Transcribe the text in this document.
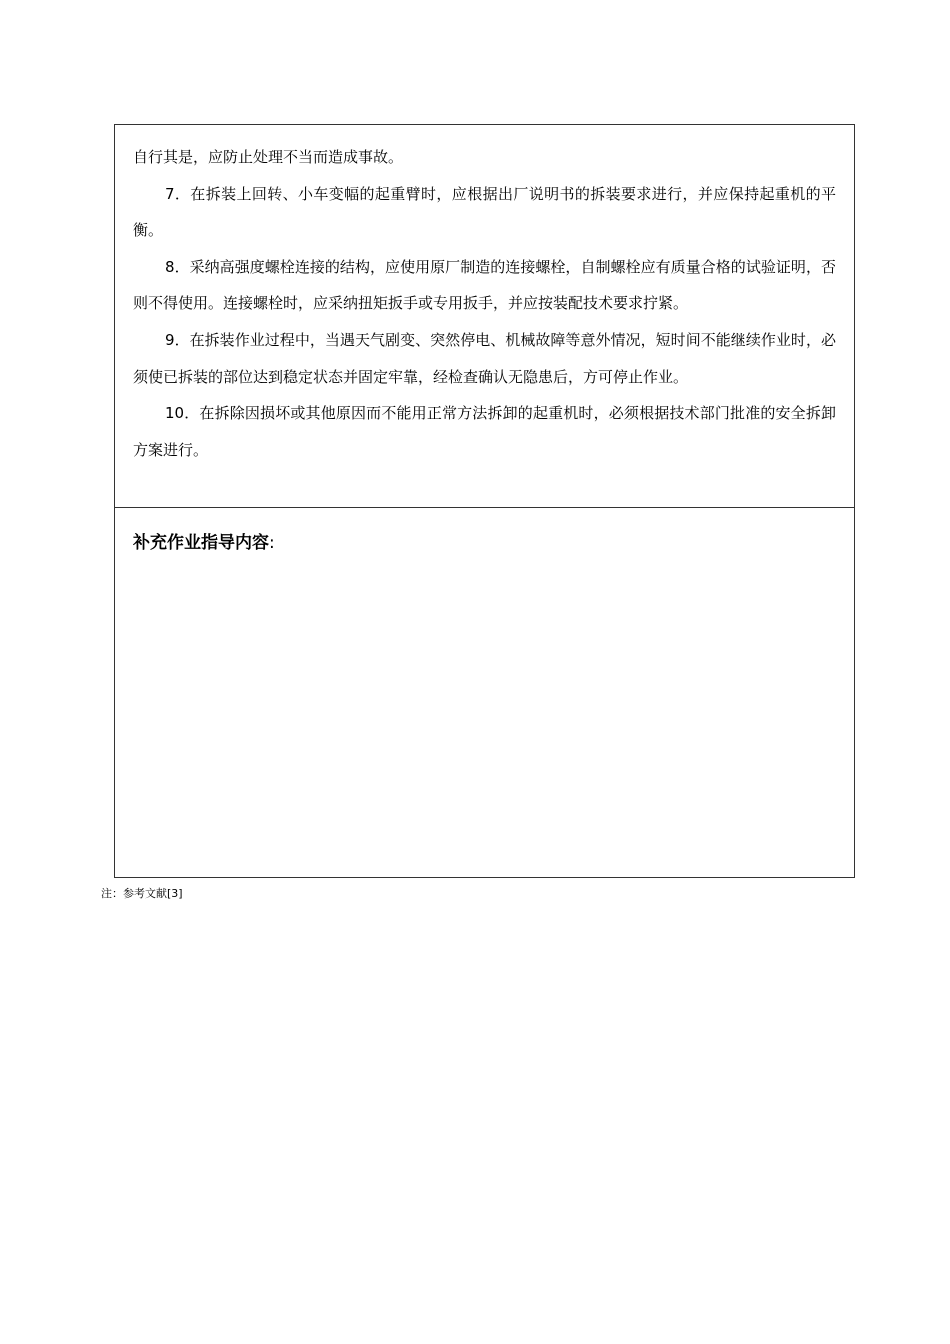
自行其是，应防止处理不当而造成事故。

7．在拆装上回转、小车变幅的起重臂时，应根据出厂说明书的拆装要求进行，并应保持起重机的平衡。

8．采纳高强度螺栓连接的结构，应使用原厂制造的连接螺栓，自制螺栓应有质量合格的试验证明，否则不得使用。连接螺栓时，应采纳扭矩扳手或专用扳手，并应按装配技术要求拧紧。

9．在拆装作业过程中，当遇天气剧变、突然停电、机械故障等意外情况，短时间不能继续作业时，必须使已拆装的部位达到稳定状态并固定牢靠，经检查确认无隐患后，方可停止作业。

10．在拆除因损坏或其他原因而不能用正常方法拆卸的起重机时，必须根据技术部门批准的安全拆卸方案进行。

补充作业指导内容:

注：参考文献[3]
